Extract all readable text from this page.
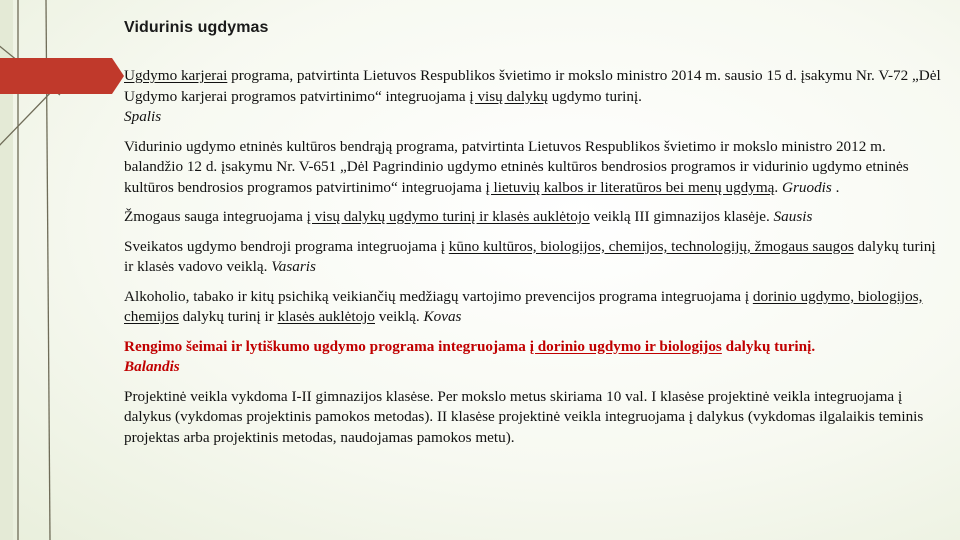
Vidurinis ugdymas

Ugdymo karjerai programa, patvirtinta Lietuvos Respublikos švietimo ir mokslo ministro 2014 m. sausio 15 d. įsakymu Nr. V-72 „Dėl Ugdymo karjerai programos patvirtinimo“ integruojama į visų dalykų ugdymo turinį.
Spalis

Vidurinio ugdymo etninės kultūros bendrąją programa, patvirtinta Lietuvos Respublikos švietimo ir mokslo ministro 2012 m. balandžio 12 d. įsakymu Nr. V-651 „Dėl Pagrindinio ugdymo etninės kultūros bendrosios programos ir vidurinio ugdymo etninės kultūros bendrosios programos patvirtinimo“ integruojama į lietuvių kalbos ir literatūros bei menų ugdymą. Gruodis .

Žmogaus sauga integruojama į visų dalykų ugdymo turinį ir klasės auklėtojo veiklą III gimnazijos klasėje. Sausis

Sveikatos ugdymo bendroji programa integruojama į kūno kultūros, biologijos, chemijos, technologijų, žmogaus saugos dalykų turinį ir klasės vadovo veiklą. Vasaris

Alkoholio, tabako ir kitų psichiką veikiančių medžiagų vartojimo prevencijos programa integruojama į dorinio ugdymo, biologijos, chemijos dalykų turinį ir klasės auklėtojo veiklą. Kovas

Rengimo šeimai ir lytiškumo ugdymo programa integruojama į dorinio ugdymo ir biologijos dalykų turinį.
Balandis

Projektinė veikla vykdoma I-II gimnazijos klasėse. Per mokslo metus skiriama 10 val. I klasėse projektinė veikla integruojama į dalykus (vykdomas projektinis pamokos metodas). II klasėse projektinė veikla integruojama į dalykus (vykdomas ilgalaikis teminis projektas arba projektinis metodas, naudojamas pamokos metu).
